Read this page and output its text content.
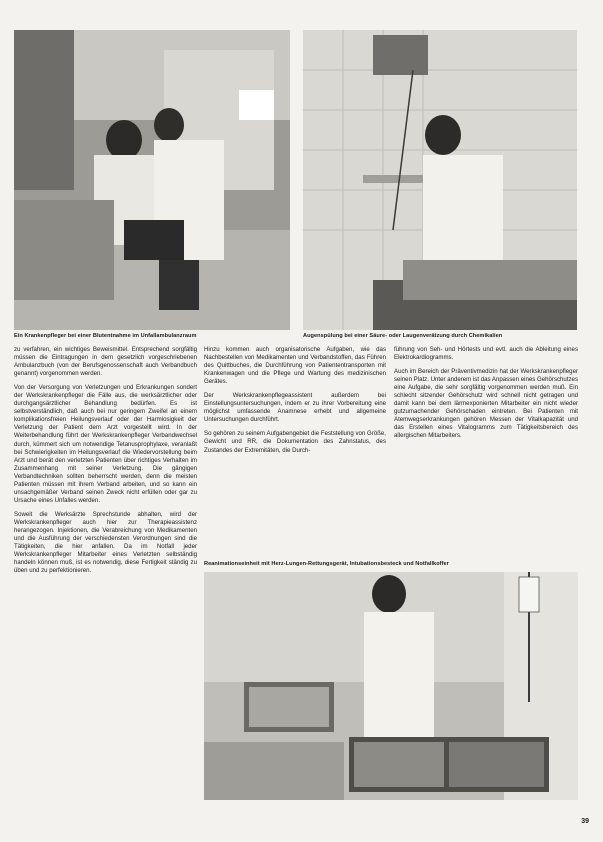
Ein Krankenpfleger bei einer Blutentnahme im Unfallambulanzraum	Augenspülung bei einer Säure- oder Laugenverätzung durch Chemikalien

zu verfahren, ein wichtiges Beweismittel. Entsprechend sorgfältig müssen die Eintragungen in dem gesetzlich vorgeschriebenen Ambulanzbuch (von der Berufsgenossenschaft auch Verbandbuch genannt) vorgenommen werden.

Von der Versorgung von Verletzungen und Erkrankungen sondert der Werkskrankenpfleger die Fälle aus, die werksärztlicher oder durchgangsärztlicher Behandlung bedürfen. Es ist selbstverständlich, daß auch bei nur geringem Zweifel an einem komplikationsfreien Heilungsverlauf oder der Harmlosigkeit der Verletzung der Patient dem Arzt vorgestellt wird. In der Weiterbehandlung führt der Werkskrankenpfleger Verbandwechsel durch, kümmert sich um notwendige Tetanusprophylaxe, veranlaßt bei Schwierigkeiten im Heilungsverlauf die Wiedervorstellung beim Arzt und berät den verletzten Patienten über richtiges Verhalten im Zusammenhang mit seiner Verletzung. Die gängigen Verbandtechniken sollten beherrscht werden, denn die meisten Patienten müssen mit ihrem Verband arbeiten, und so kann ein unsachgemäßer Verband seinen Zweck nicht erfüllen oder gar zu Ursache eines Unfalles werden.

Soweit die Werksärzte Sprechstunde abhalten, wird der Werkskrankenpfleger auch hier zur Therapieassistenz herangezogen. Injektionen, die Verabreichung von Medikamenten und die Ausführung der verschiedensten Verordnungen sind die Tätigkeiten, die hier anfallen. Da im Notfall jeder Werkskrankenpfleger Mitarbeiter eines Verletzten selbständig handeln können muß, ist es notwendig, diese Fertigkeit ständig zu üben und zu perfektionieren.

Hinzu kommen auch organisatorische Aufgaben, wie das Nachbestellen von Medikamenten und Verbandstoffen, das Führen des Quittbuches, die Durchführung von Patiententransporten mit Krankenwagen und die Pflege und Wartung des medizinischen Gerätes.

Der Werkskrankenpflegeassistent außerdem bei Einstellungsuntersuchungen, indem er zu ihrer Vorbereitung eine möglichst umfassende Anamnese erhebt und allgemeine Untersuchungen durchführt.

So gehören zu seinem Aufgabengebiet die Feststellung von Größe, Gewicht und RR, die Dokumentation des Zahnstatus, des Zustandes der Extremitäten, die Durch-

führung von Seh- und Hörtests und evtl. auch die Ableitung eines Elektrokardiogramms.

Auch im Bereich der Präventivmedizin hat der Werkskrankenpfleger seinen Platz. Unter anderem ist das Anpassen eines Gehörschutzes eine Aufgabe, die sehr sorgfältig vorgenommen werden muß. Ein schlecht sitzender Gehörschutz wird schnell nicht getragen und damit kann bei dem lärmexponierten Mitarbeiter ein nicht wieder gutzumachender Gehörschaden eintreten. Bei Patienten mit Atemwegserkrankungen gehören Messen der Vitalkapazität und das Erstellen eines Vitalogramms zum Tätigkeitsbereich des allergischen Mitarbeiters.

Reanimationseinheit mit Herz-Lungen-Rettungsgerät, Intubationsbesteck und Notfallkoffer
39
